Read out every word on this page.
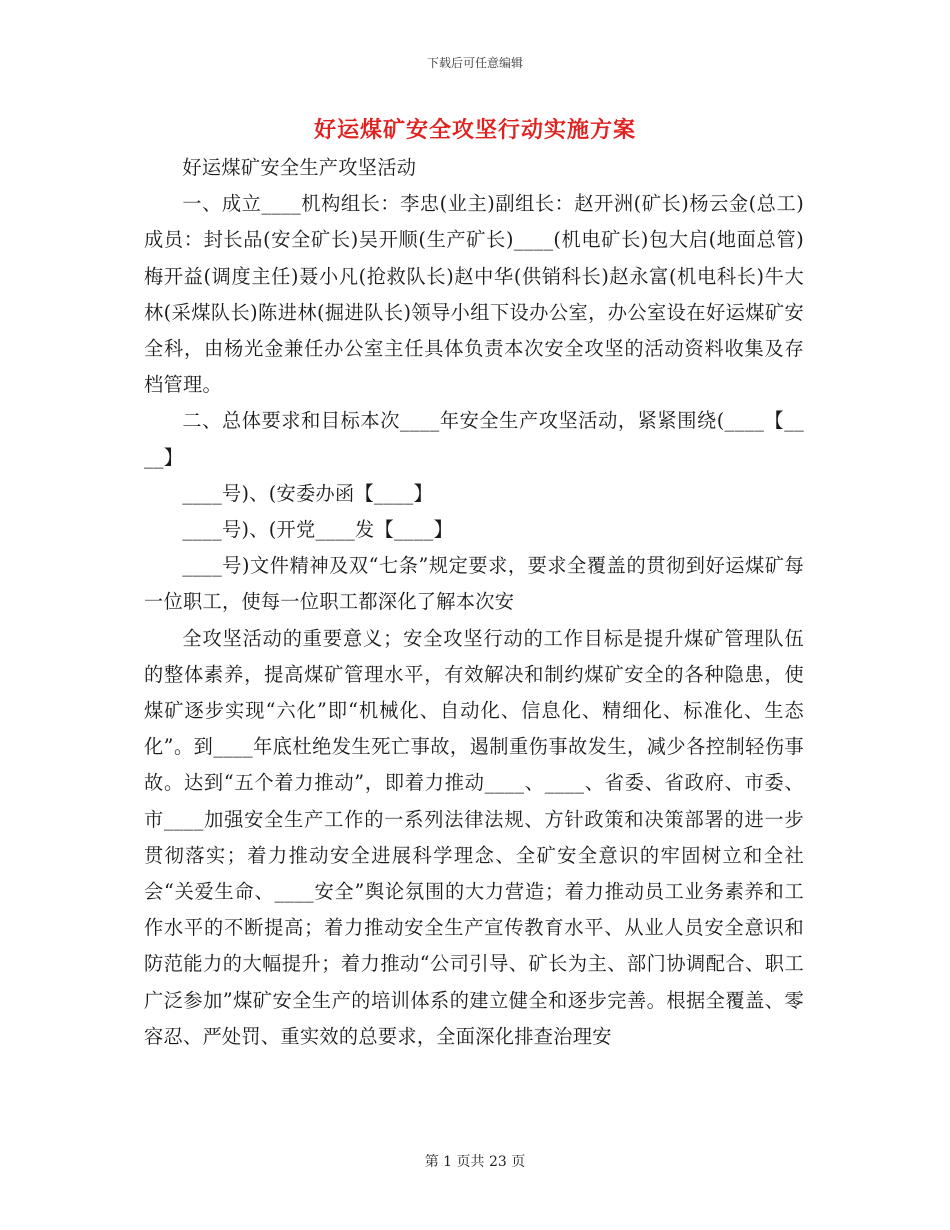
下载后可任意编辑
好运煤矿安全攻坚行动实施方案

好运煤矿安全生产攻坚活动

一、成立____机构组长：李忠(业主)副组长：赵开洲(矿长)杨云金(总工)成员：封长品(安全矿长)吴开顺(生产矿长)____(机电矿长)包大启(地面总管)梅开益(调度主任)聂小凡(抢救队长)赵中华(供销科长)赵永富(机电科长)牛大林(采煤队长)陈进林(掘进队长)领导小组下设办公室，办公室设在好运煤矿安全科，由杨光金兼任办公室主任具体负责本次安全攻坚的活动资料收集及存档管理。

二、总体要求和目标本次____年安全生产攻坚活动，紧紧围绕(____【____】

____号)、(安委办函【____】

____号)、(开党____发【____】

____号)文件精神及双“七条”规定要求，要求全覆盖的贯彻到好运煤矿每一位职工，使每一位职工都深化了解本次安

全攻坚活动的重要意义；安全攻坚行动的工作目标是提升煤矿管理队伍的整体素养，提高煤矿管理水平，有效解决和制约煤矿安全的各种隐患，使煤矿逐步实现“六化”即“机械化、自动化、信息化、精细化、标准化、生态化”。到____年底杜绝发生死亡事故，遏制重伤事故发生，减少各控制轻伤事故。达到“五个着力推动”，即着力推动____、____、省委、省政府、市委、市____加强安全生产工作的一系列法律法规、方针政策和决策部署的进一步贯彻落实；着力推动安全进展科学理念、全矿安全意识的牢固树立和全社会“关爱生命、____安全”舆论氛围的大力营造；着力推动员工业务素养和工作水平的不断提高；着力推动安全生产宣传教育水平、从业人员安全意识和防范能力的大幅提升；着力推动“公司引导、矿长为主、部门协调配合、职工广泛参加”煤矿安全生产的培训体系的建立健全和逐步完善。根据全覆盖、零容忍、严处罚、重实效的总要求，全面深化排查治理安

第 1 页共 23 页
